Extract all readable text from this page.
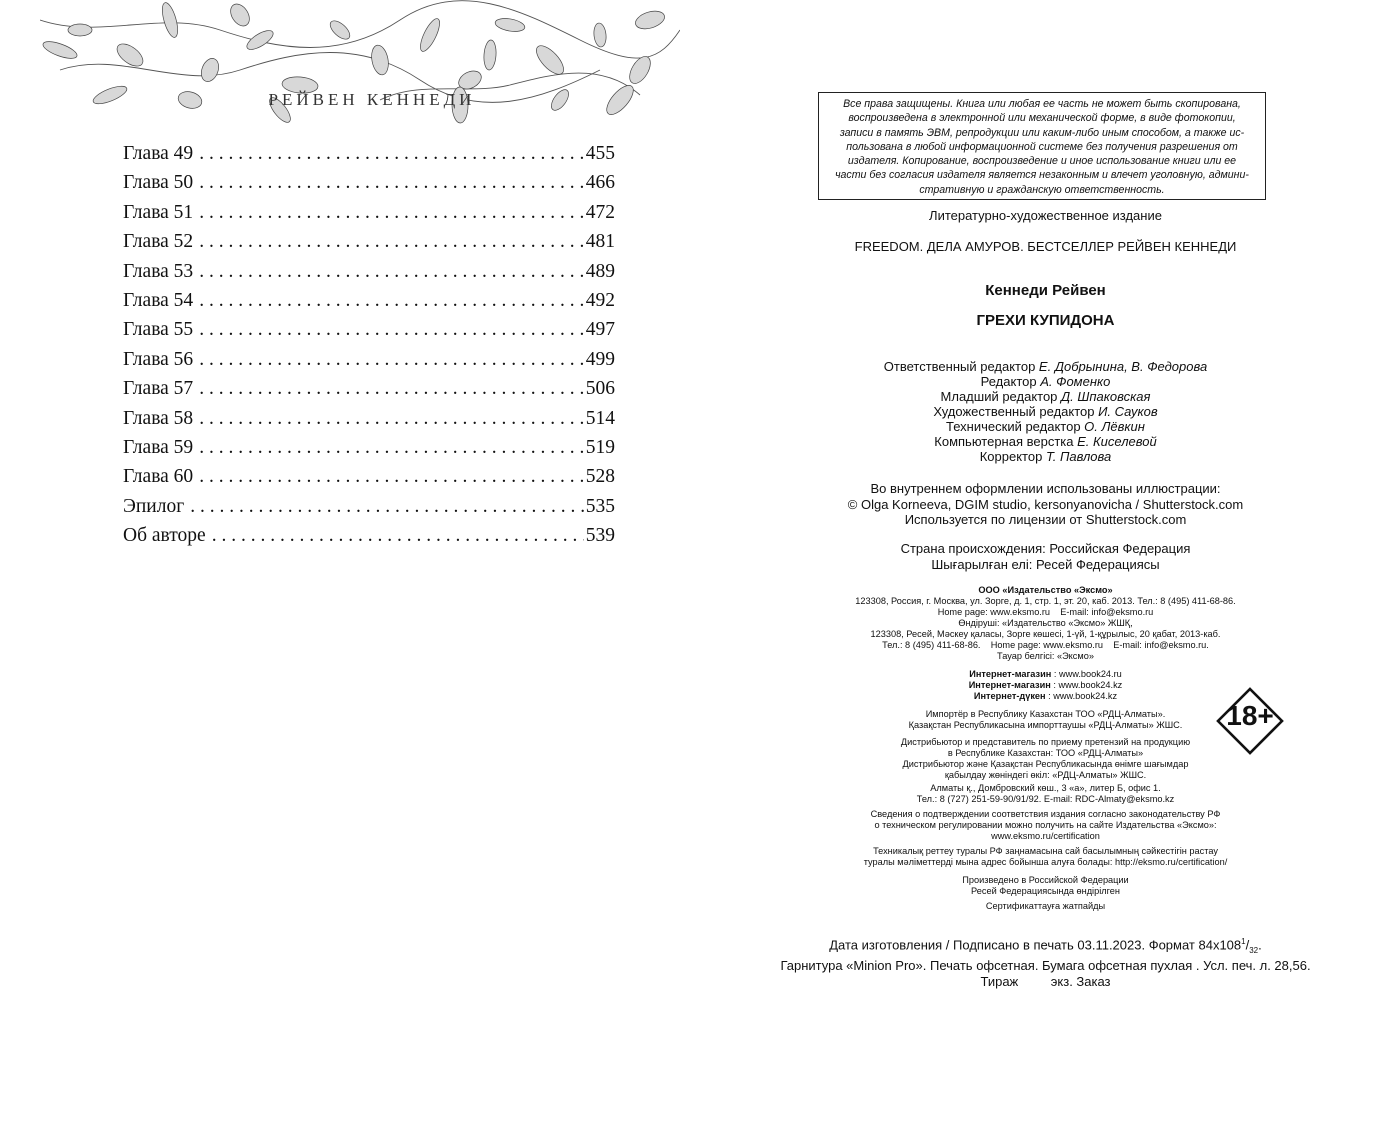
РЕЙВЕН КЕННЕДИ
Глава 49 . . .	455
Глава 50 . . .	466
Глава 51 . . .	472
Глава 52 . . .	481
Глава 53 . . .	489
Глава 54 . . .	492
Глава 55 . . .	497
Глава 56 . . .	499
Глава 57 . . .	506
Глава 58 . . .	514
Глава 59 . . .	519
Глава 60 . . .	528
Эпилог . . .	535
Об авторе . . .	539
Все права защищены. Книга или любая ее часть не может быть скопирована,
воспроизведена в электронной или механической форме, в виде фотокопии,
записи в память ЭВМ, репродукции или каким-либо иным способом, а также ис-
пользована в любой информационной системе без получения разрешения от
издателя. Копирование, воспроизведение и иное использование книги или ее
части без согласия издателя является незаконным и влечет уголовную, админи-
стративную и гражданскую ответственность.
Литературно-художественное издание
FREEDOM. ДЕЛА АМУРОВ. БЕСТСЕЛЛЕР РЕЙВЕН КЕННЕДИ
Кеннеди Рейвен
ГРЕХИ КУПИДОНА
Ответственный редактор Е. Добрынина, В. Федорова
Редактор А. Фоменко
Младший редактор Д. Шпаковская
Художественный редактор И. Сауков
Технический редактор О. Лёвкин
Компьютерная верстка Е. Киселевой
Корректор Т. Павлова
Во внутреннем оформлении использованы иллюстрации:
© Olga Korneeva, DGIM studio, kersonyanovicha / Shutterstock.com
Используется по лицензии от Shutterstock.com
Страна происхождения: Российская Федерация
Шығарылған елі: Ресей Федерациясы
ООО «Издательство «Эксмо»
123308, Россия, г. Москва, ул. Зорге, д. 1, стр. 1, эт. 20, каб. 2013. Тел.: 8 (495) 411-68-86.
Home page: www.eksmo.ru    E-mail: info@eksmo.ru
Өндіруші: «Издательство «Эксмо» ЖШҚ,
123308, Ресей, Мәскеу қаласы, Зорге көшесі, 1-үй, 1-құрылыс, 20 қабат, 2013-каб.
Тел.: 8 (495) 411-68-86.    Home page: www.eksmo.ru    E-mail: info@eksmo.ru.
Тауар белгісі: «Эксмо»
Интернет-магазин : www.book24.ru
Интернет-магазин : www.book24.kz
Интернет-дүкен : www.book24.kz
Импортёр в Республику Казахстан ТОО «РДЦ-Алматы».
Қазақстан Республикасына импорттаушы «РДЦ-Алматы» ЖШС.
Дистрибьютор и представитель по приему претензий на продукцию
в Республике Казахстан: ТОО «РДЦ-Алматы»
Дистрибьютор және Қазақстан Республикасында өнімге шағымдар
қабылдау жөніндегі өкіл: «РДЦ-Алматы» ЖШС.
Алматы қ., Домбровский көш., 3 «а», литер Б, офис 1.
Тел.: 8 (727) 251-59-90/91/92. E-mail: RDC-Almaty@eksmo.kz
Сведения о подтверждении соответствия издания согласно законодательству РФ
о техническом регулировании можно получить на сайте Издательства «Эксмо»:
www.eksmo.ru/certification
Техникалық реттеу туралы РФ заңнамасына сай басылымның сәйкестігін растау
туралы мәліметтерді мына адрес бойынша алуға болады: http://eksmo.ru/certification/
Произведено в Российской Федерации
Ресей Федерациясында өндірілген
Сертификаттауға жатпайды
18+
Дата изготовления / Подписано в печать 03.11.2023. Формат $84x108^1/_{32}$.
Гарнитура «Minion Pro». Печать офсетная. Бумага офсетная пухлая . Усл. печ. л. 28,56.
Тираж         экз. Заказ
